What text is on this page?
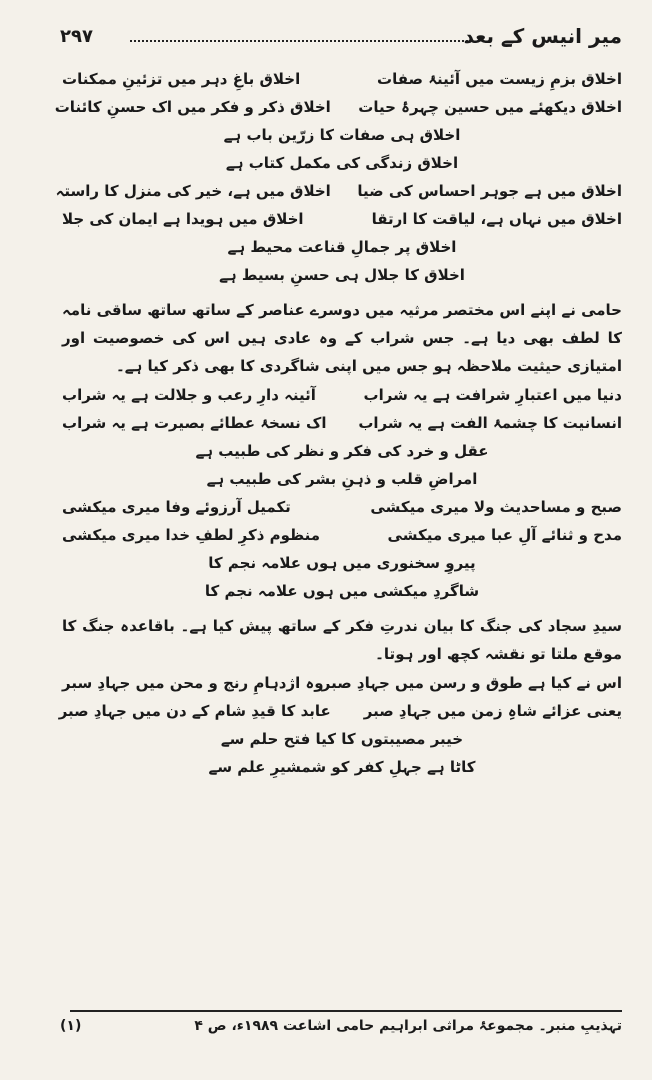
۲۹۷	میر انیس کے بعد
اخلاق بزمِ زیست میں آئینۂ صفات
اخلاق باغِ دہر میں تزئینِ ممکنات
اخلاق دیکھئے میں حسین چہرۂ حیات
اخلاق ذکر و فکر میں اک حسنِ کائنات
اخلاق ہی صفات کا زرّین باب ہے
اخلاق زندگی کی مکمل کتاب ہے
اخلاق میں ہے جوہر احساس کی ضیا
اخلاق میں ہے، خیر کی منزل کا راستہ
اخلاق میں نہاں ہے، لیاقت کا ارتقا
اخلاق میں ہویدا ہے ایمان کی جلا
اخلاق پر جمالِ قناعت محیط ہے
اخلاق کا جلال ہی حسنِ بسیط ہے
حامی نے اپنے اس مختصر مرثیہ میں دوسرے عناصر کے ساتھ ساتھ ساقی نامہ کا لطف بھی دیا ہے۔ جس شراب کے وہ عادی ہیں اس کی خصوصیت اور امتیازی حیثیت ملاحظہ ہو جس میں اپنی شاگردی کا بھی ذکر کیا ہے۔
دنیا میں اعتبارِ شرافت ہے یہ شراب
آئینہ دارِ رعب و جلالت ہے یہ شراب
انسانیت کا چشمۂ الفت ہے یہ شراب
اک نسخۂ عطائے بصیرت ہے یہ شراب
عقل و خرد کی فکر و نظر کی طبیب ہے
امراضِ قلب و ذہنِ بشر کی طبیب ہے
صبح و مساحدیث ولا میری میکشی
تکمیل آرزوئے وفا میری میکشی
مدح و ثنائے آلِ عبا میری میکشی
منظوم ذکرِ لطفِ خدا میری میکشی
پیروِ سخنوری میں ہوں علامہ نجم کا
شاگردِ میکشی میں ہوں علامہ نجم کا
سیدِ سجاد کی جنگ کا بیان ندرتِ فکر کے ساتھ پیش کیا ہے۔ باقاعدہ جنگ کا موقع ملتا تو نقشہ کچھ اور ہوتا۔
اس نے کیا ہے طوق و رسن میں جہادِ صبر
وہ اژدہامِ رنج و محن میں جہادِ سبر
یعنی عزائے شاہِ زمن میں جہادِ صبر
عابد کا قیدِ شام کے دن میں جہادِ صبر
خیبر مصیبتوں کا کیا فتح حلم سے
کاٹا ہے جہلِ کفر کو شمشیرِ علم سے
(۱)	تہذیبِ منبر۔ مجموعۂ مراثی ابراہیم حامی اشاعت ۱۹۸۹ء، ص ۴
